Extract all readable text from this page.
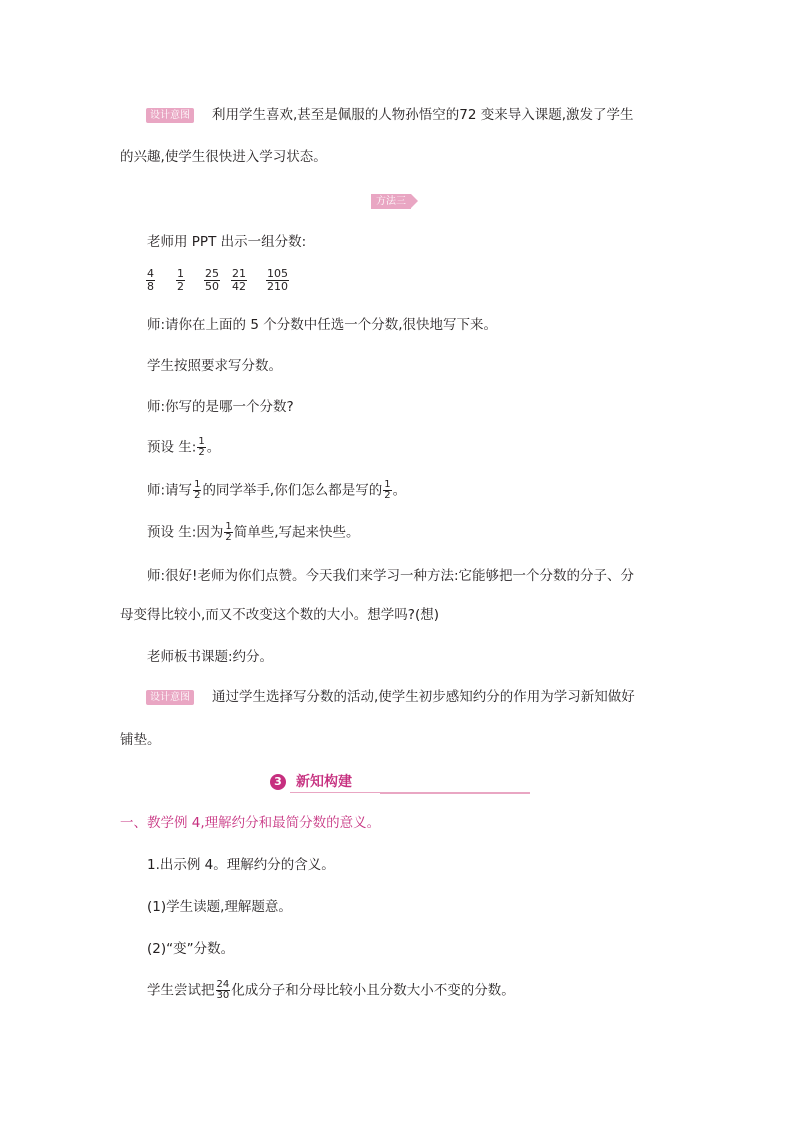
设计意图 利用学生喜欢,甚至是佩服的人物孙悟空的72 变来导入课题,激发了学生
的兴趣,使学生很快进入学习状态。
方法三
老师用 PPT 出示一组分数:
$\frac{4}{8} \frac{1}{2} \frac{25}{50} \frac{21}{42} \frac{105}{210}$
师:请你在上面的 5 个分数中任选一个分数,很快地写下来。
学生按照要求写分数。
师:你写的是哪一个分数?
预设 生: $\frac{1}{2}$ 。
师:请写 $\frac{1}{2}$ 的同学举手,你们怎么都是写的 $\frac{1}{2}$ 。
预设 生:因为 $\frac{1}{2}$ 简单些,写起来快些。
师:很好!老师为你们点赞。今天我们来学习一种方法:它能够把一个分数的分子、分
母变得比较小,而又不改变这个数的大小。想学吗?(想)
老师板书课题:约分。
设计意图 通过学生选择写分数的活动,使学生初步感知约分的作用为学习新知做好
铺垫。
3 新知构建
一、教学例 4,理解约分和最简分数的意义。
1.出示例 4。理解约分的含义。
(1)学生读题,理解题意。
(2)“变”分数。
学生尝试把 $\frac{24}{30}$ 化成分子和分母比较小且分数大小不变的分数。
